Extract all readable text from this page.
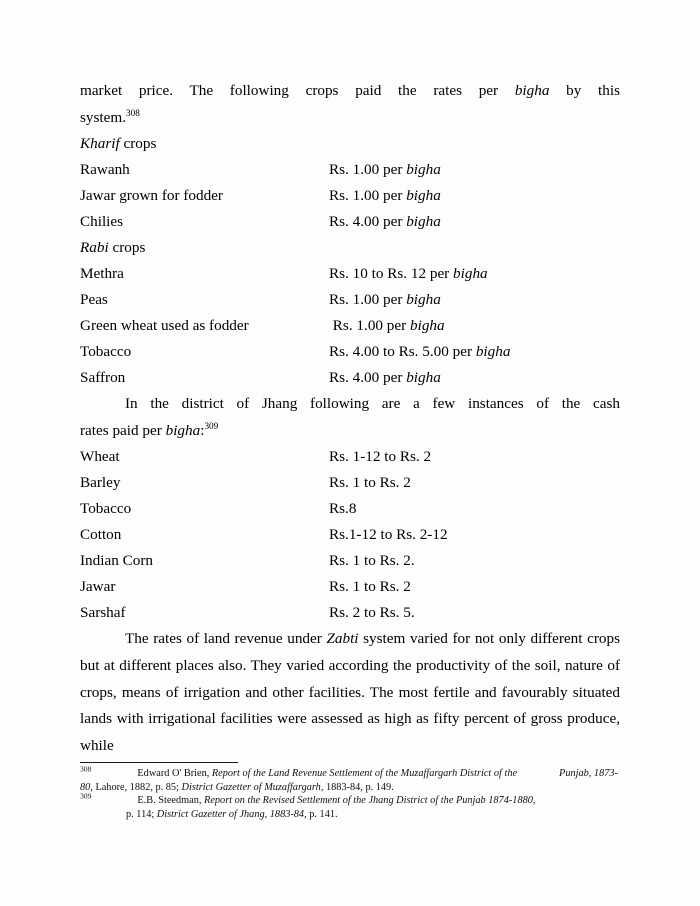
market price. The following crops paid the rates per bigha by this

system.$^{308}$

Kharif crops
Rawanh	Rs. 1.00 per bigha
Jawar grown for fodder	Rs. 1.00 per bigha
Chilies	Rs. 4.00 per bigha
Rabi crops
Methra	Rs. 10 to Rs. 12 per bigha
Peas	Rs. 1.00 per bigha
Green wheat used as fodder	Rs. 1.00 per bigha
Tobacco	Rs. 4.00 to Rs. 5.00 per bigha
Saffron	Rs. 4.00 per bigha

In the district of Jhang following are a few instances of the cash

rates paid per bigha:$^{309}$

Wheat	Rs. 1-12 to Rs. 2
Barley	Rs. 1 to Rs. 2
Tobacco	Rs.8
Cotton	Rs.1-12 to Rs. 2-12
Indian Corn	Rs. 1 to Rs. 2.
Jawar	Rs. 1 to Rs. 2
Sarshaf	Rs. 2 to Rs. 5.

The rates of land revenue under Zabti system varied for not only different crops but at different places also. They varied according the productivity of the soil, nature of crops, means of irrigation and other facilities. The most fertile and favourably situated lands with irrigational facilities were assessed as high as fifty percent of gross produce, while

$^{308}$	Edward O' Brien, Report of the Land Revenue Settlement of the Muzaffargarh District of the	Punjab, 1873-80, Lahore, 1882, p. 85; District Gazetter of Muzaffargarh, 1883-84, p. 149.

$^{309}$	E.B. Steedman, Report on the Revised Settlement of the Jhang District of the Punjab 1874-1880,
p. 114; District Gazetter of Jhang, 1883-84, p. 141.
